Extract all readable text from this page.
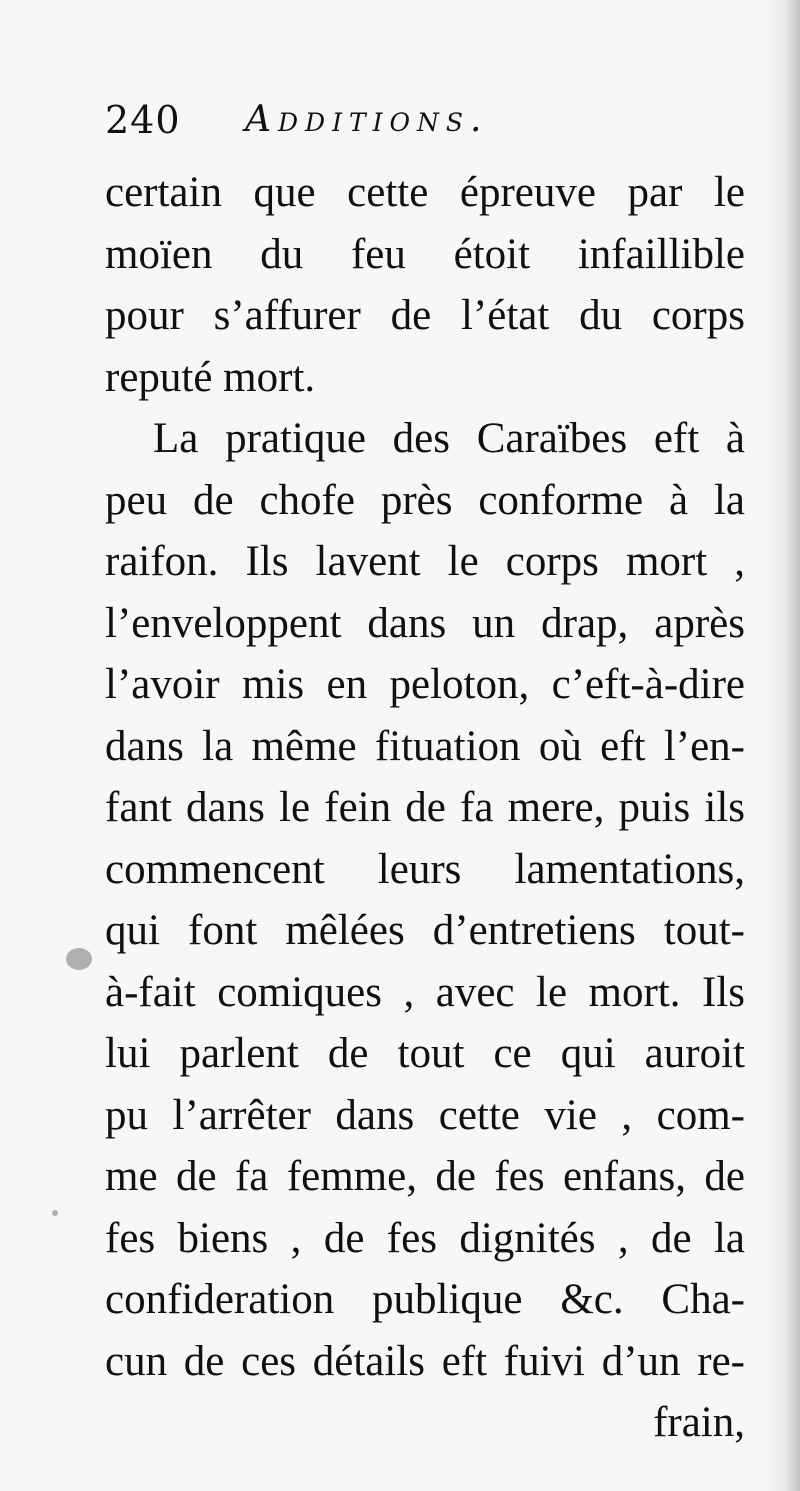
240 Additions.
certain que cette épreuve par le
moïen du feu étoit infaillible
pour s’affurer de l’état du corps
reputé mort.
La pratique des Caraïbes eft à
peu de chofe près conforme à la
raifon. Ils lavent le corps mort ,
l’enveloppent dans un drap, après
l’avoir mis en peloton, c’eft-à-dire
dans la même fituation où eft l’en-
fant dans le fein de fa mere, puis ils
commencent leurs lamentations,
qui font mêlées d’entretiens tout-
à-fait comiques , avec le mort. Ils
lui parlent de tout ce qui auroit
pu l’arrêter dans cette vie , com-
me de fa femme, de fes enfans, de
fes biens , de fes dignités , de la
confideration publique &c. Cha-
cun de ces détails eft fuivi d’un re-
frain,
